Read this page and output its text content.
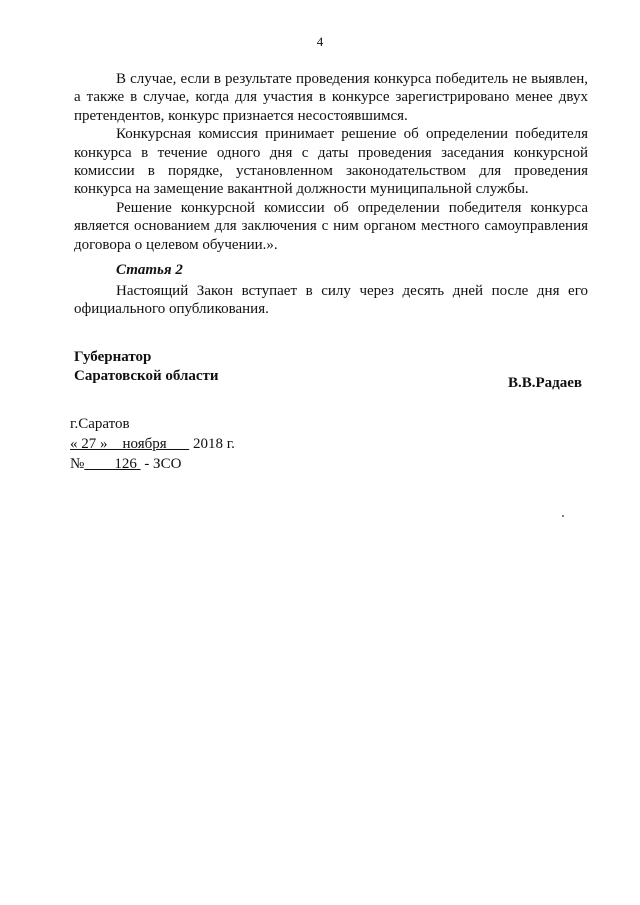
4

В случае, если в результате проведения конкурса победитель не выявлен, а также в случае, когда для участия в конкурсе зарегистрировано менее двух претендентов, конкурс признается несостоявшимся.

Конкурсная комиссия принимает решение об определении победителя конкурса в течение одного дня с даты проведения заседания конкурсной комиссии в порядке, установленном законодательством для проведения конкурса на замещение вакантной должности муниципальной службы.

Решение конкурсной комиссии об определении победителя конкурса является основанием для заключения с ним органом местного самоуправления договора о целевом обучении.».

Статья 2

Настоящий Закон вступает в силу через десять дней после дня его официального опубликования.

Губернатор
Саратовской области	В.В.Радаев
г.Саратов
« 27 »    ноября       2018 г.
№        126  - ЗСО
